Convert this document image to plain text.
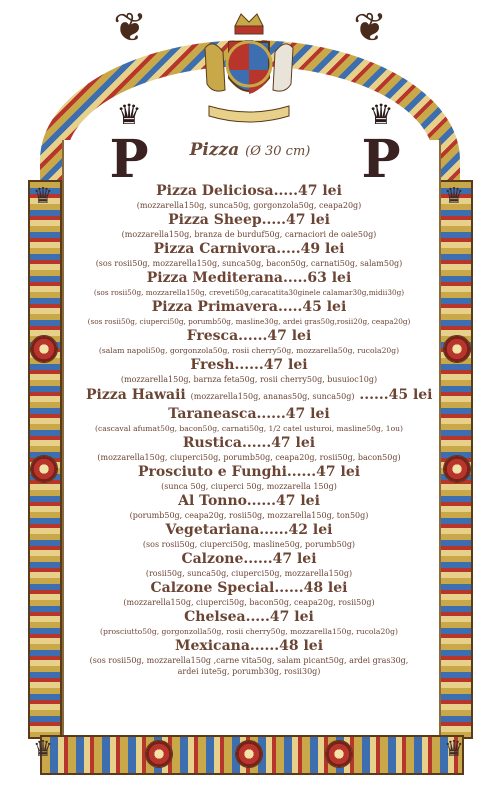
❦	❦
♛	♛
♛	♛
♛
P
♛
P
Pizza (Ø 30 cm)
Pizza Deliciosa.....47 lei
(mozzarella150g, sunca50g, gorgonzola50g, ceapa20g)
Pizza Sheep.....47 lei
(mozzarella150g, branza de burduf50g, carnaciori de oaie50g)
Pizza Carnivora.....49 lei
(sos rosii50g, mozzarella150g, sunca50g, bacon50g, carnati50g, salam50g)
Pizza Mediterana.....63 lei
(sos rosii50g, mozzarella150g, creveti50g,caracatita30ginele calamar30g,midii30g)
Pizza Primavera.....45 lei
(sos rosii50g, ciuperci50g, porumb50g, masline30g, ardei gras50g,rosii20g, ceapa20g)
Fresca......47 lei
(salam napoli50g, gorgonzola50g, rosii cherry50g, mozzarella50g, rucola20g)
Fresh......47 lei
(mozzarella150g, barnza feta50g, rosii cherry50g, busuioc10g)
Pizza Hawaii (mozzarella150g, ananas50g, sunca50g) ......45 lei
Taraneasca......47 lei
(cascaval afumat50g, bacon50g, carnati50g, 1/2 catel usturoi, masline50g, 1ou)
Rustica......47 lei
(mozzarella150g, ciuperci50g, porumb50g, ceapa20g, rosii50g, bacon50g)
Prosciuto e Funghi......47 lei
(sunca 50g, ciuperci 50g, mozzarella 150g)
Al Tonno......47 lei
(porumb50g, ceapa20g, rosii50g, mozzarella150g, ton50g)
Vegetariana......42 lei
(sos rosii50g, ciuperci50g, masline50g, porumb50g)
Calzone......47 lei
(rosii50g, sunca50g, ciuperci50g, mozzarella150g)
Calzone Special......48 lei
(mozzarella150g, ciuperci50g, bacon50g, ceapa20g, rosii50g)
Chelsea.....47 lei
(prosciutto50g, gorgonzolla50g, rosii cherry50g, mozzarella150g, rucola20g)
Mexicana......48 lei
(sos rosii50g, mozzarella150g ,carne vita50g, salam picant50g, ardei gras30g, ardei iute5g, porumb30g, rosii30g)
